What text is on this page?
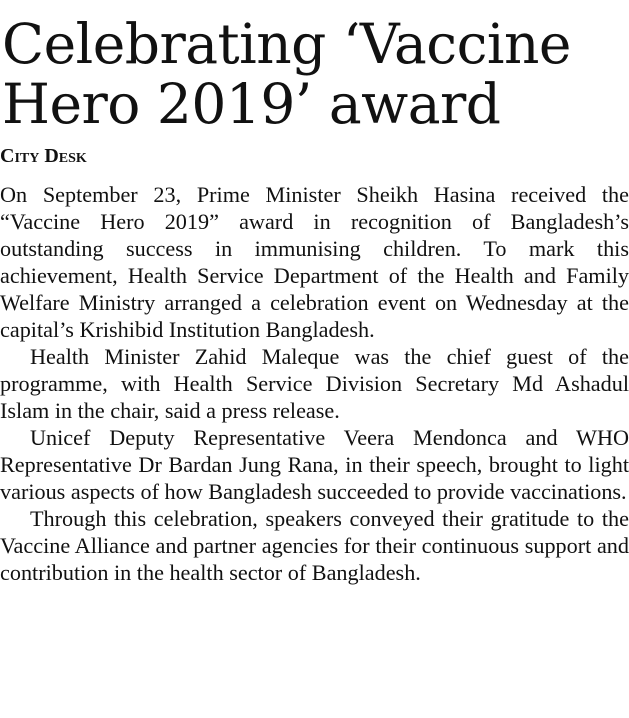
Celebrating ‘Vaccine Hero 2019’ award
City Desk

On September 23, Prime Minister Sheikh Hasina received the “Vaccine Hero 2019” award in recognition of Bangladesh’s outstanding success in immunising children. To mark this achievement, Health Service Department of the Health and Family Welfare Ministry arranged a celebration event on Wednesday at the capital’s Krishibid Institution Bangladesh.

Health Minister Zahid Maleque was the chief guest of the programme, with Health Service Division Secretary Md Ashadul Islam in the chair, said a press release.

Unicef Deputy Representative Veera Mendonca and WHO Representative Dr Bardan Jung Rana, in their speech, brought to light various aspects of how Bangladesh succeeded to provide vaccinations.

Through this celebration, speakers conveyed their gratitude to the Vaccine Alliance and partner agencies for their continuous support and contribution in the health sector of Bangladesh.
